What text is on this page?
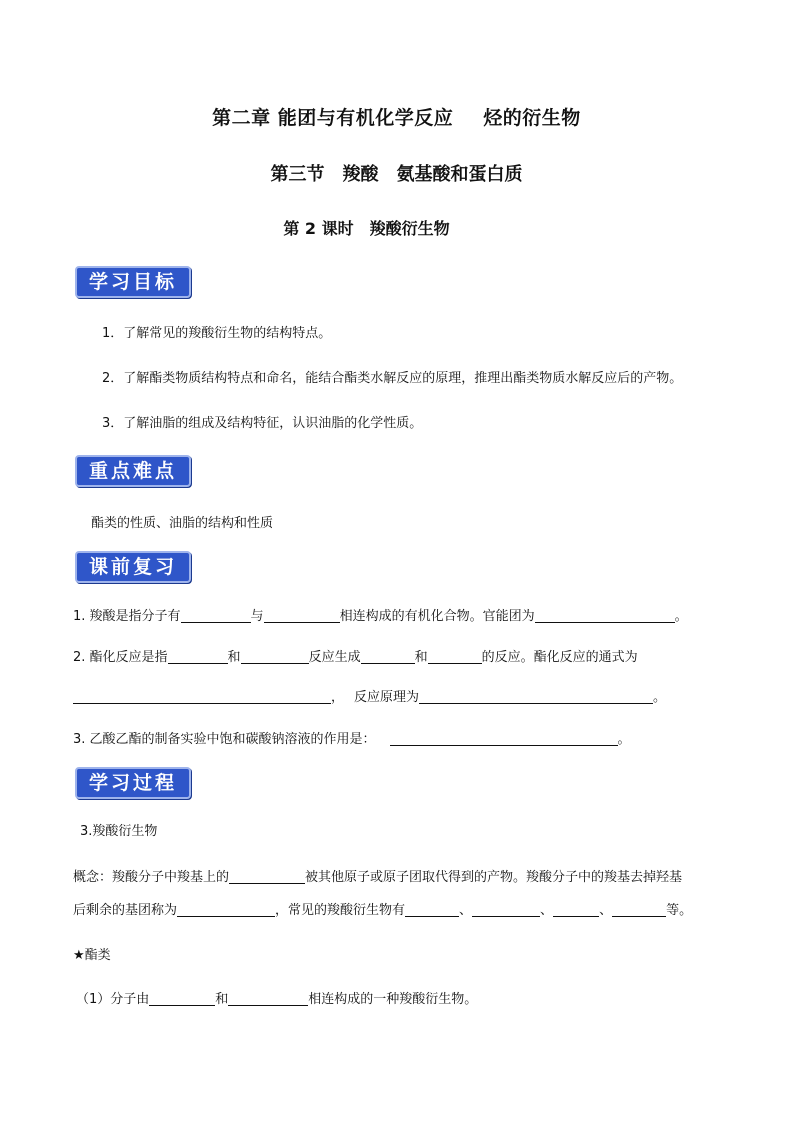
第二章 能团与有机化学反应 烃的衍生物
第三节 羧酸 氨基酸和蛋白质
第 2 课时 羧酸衍生物
学习目标
1．了解常见的羧酸衍生物的结构特点。
2．了解酯类物质结构特点和命名，能结合酯类水解反应的原理，推理出酯类物质水解反应后的产物。
3．了解油脂的组成及结构特征，认识油脂的化学性质。
重点难点
酯类的性质、油脂的结构和性质
课前复习
1. 羧酸是指分子有	与	相连构成的有机化合物。官能团为	。
2. 酯化反应是指	和	反应生成	和	的反应。酯化反应的通式为
， 反应原理为	。
3. 乙酸乙酯的制备实验中饱和碳酸钠溶液的作用是：	。
学习过程
3.羧酸衍生物
概念：羧酸分子中羧基上的	被其他原子或原子团取代得到的产物。羧酸分子中的羧基去掉羟基
后剩余的基团称为	，常见的羧酸衍生物有	、	、	、	等。
★酯类
（1）分子由	和	相连构成的一种羧酸衍生物。
